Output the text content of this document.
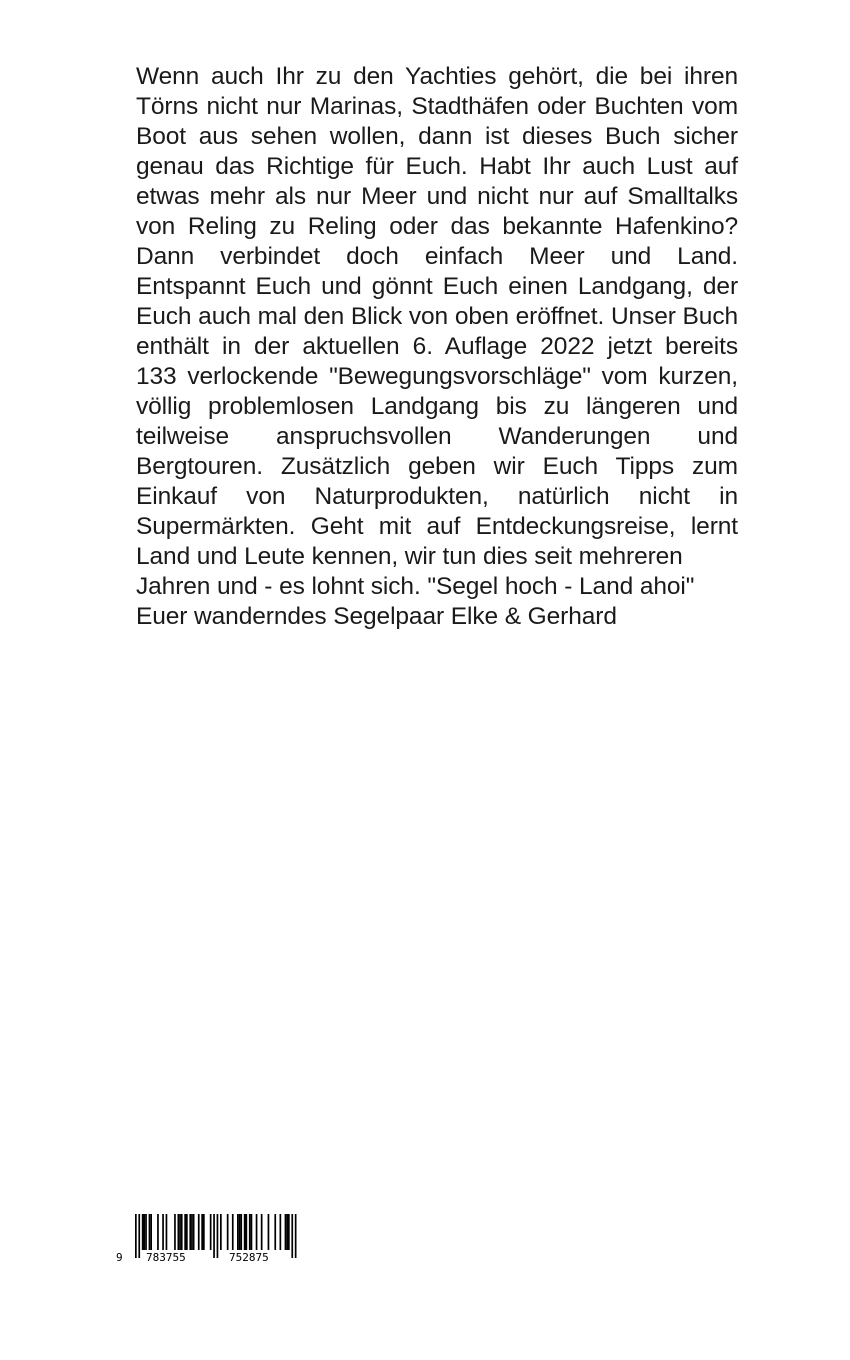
Wenn auch Ihr zu den Yachties gehört, die bei ihren
Törns nicht nur Marinas, Stadthäfen oder Buchten vom
Boot aus sehen wollen, dann ist dieses Buch sicher
genau das Richtige für Euch. Habt Ihr auch Lust auf
etwas mehr als nur Meer und nicht nur auf Smalltalks
von Reling zu Reling oder das bekannte Hafenkino?
Dann verbindet doch einfach Meer und Land.
Entspannt Euch und gönnt Euch einen Landgang, der
Euch auch mal den Blick von oben eröffnet. Unser Buch
enthält in der aktuellen 6. Auflage 2022 jetzt bereits
133 verlockende "Bewegungsvorschläge" vom kurzen,
völlig problemlosen Landgang bis zu längeren und
teilweise anspruchsvollen Wanderungen und
Bergtouren. Zusätzlich geben wir Euch Tipps zum
Einkauf von Naturprodukten, natürlich nicht in
Supermärkten. Geht mit auf Entdeckungsreise, lernt
Land und Leute kennen, wir tun dies seit mehreren
Jahren und - es lohnt sich. "Segel hoch - Land ahoi"
Euer wanderndes Segelpaar Elke & Gerhard
9 783755	752875
